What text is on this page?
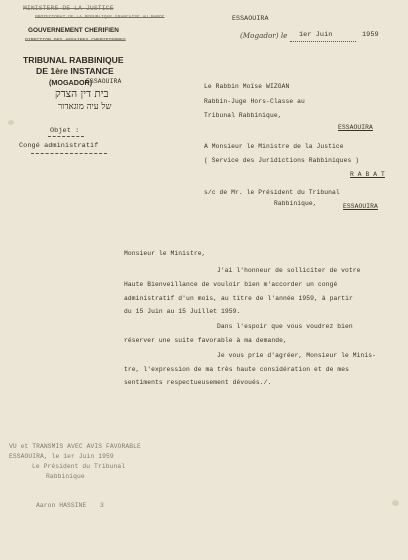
MINISTERE DE LA JUSTICE
PROTECTORAT DE LA REPUBLIQUE FRANCAISE AU MAROC
GOUVERNEMENT CHERIFIEN
DIRECTION DES AFFAIRES CHERIFIENNES
TRIBUNAL RABBINIQUE
DE 1ère INSTANCE
(MOGADOR)
ESSAOUIRA
בית דין הצדק
של עיה מוגאדור
Objet :
Congé administratif
ESSAOUIRA
(Mogador) le 1er Juin	1959
Le Rabbin Moïse WIZGAN
Rabbin-Juge Hors-Classe au
Tribunal Rabbinique,
ESSAOUIRA
A Monsieur le Ministre de la Justice
( Service des Juridictions Rabbiniques )
R A B A T
s/c de Mr. le Président du Tribunal
Rabbinique,	ESSAOUIRA
Monsieur le Ministre,
J'ai l'honneur de solliciter de votre
Haute Bienveillance de vouloir bien m'accorder un congé
administratif d'un mois, au titre de l'année 1959, à partir
du 15 Juin au 15 Juillet 1959.
Dans l'espoir que vous voudrez bien
réserver une suite favorable à ma demande,
Je vous prie d'agréer, Monsieur le Minis-
tre, l'expression de ma très haute considération et de mes
sentiments respectueusement dévoués./.
VU et TRANSMIS AVEC AVIS FAVORABLE
ESSAOUIRA, le 1er Juin 1959
Le Président du Tribunal
Rabbinique
Aaron HASSINE 3
